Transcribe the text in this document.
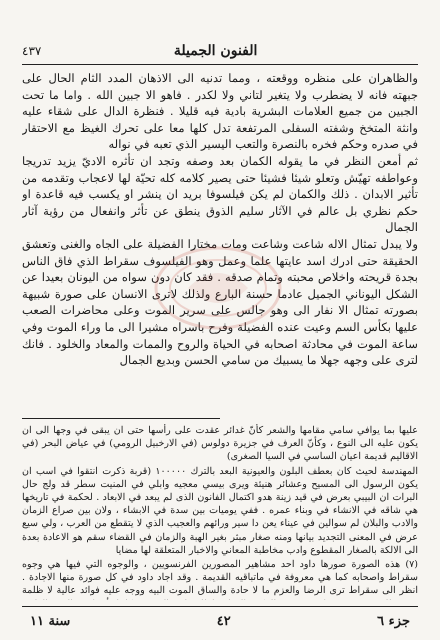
٤٣٧	الفنون الجميلة

والظاهران على منظره ووقعته ، ومما تدنيه الى الاذهان المدد الثام الحال على جبهته فانه لا يضطرب ولا يتغير لتاني ولا لكدر . فاهو الا جبين الله . واما ما تحت الجبين من جميع العلامات البشرية بادية فيه قليلا . فنظرة الدال على شقاء عليه وانثة المتخخ وشفته السفلى المرتفعة تدل كلها معا على تحرك الغيظ مع الاحتقار في صدره وحكم فخره بالنصرة والتعب اليسير الذي تعبه في نواله

ثم أمعن النظر في ما يقوله الكمان بعد وصفه وتجد ان تأثره الاديّ يزيد تدريجا وعواطفه تهيّش وتعلو شيئا فشيئا حتى يصير كلامه كله تحيّة لها لاعجاب وتقدمه من تأثير الابدان . ذلك والكمان لم يكن فيلسوفا بريد ان ينشر او يكسب فيه قاعدة او حكم نظري بل عالم في الآثار سليم الذوق ينطق عن تأثر وانفعال من رؤية آثار الجمال

ولا يبدل تمثال الاله شاعت وشاعت ومات مختارا الفضيلة على الجاه والغنى وتعشق الحقيقة حتى ادرك اسد عايتها علما وعمل وهو الفيلسوف سقراط الذي فاق الناس بجدة قريحته واخلاص محبته وتمام صدقه . فقد كان دون سواه من اليونان بعيدا عن الشكل اليوناني الجميل عادما حسنة البارع ولذلك لاترى الانسان على صورة شبيهة بصورته تمثال الا نفار الى وهو جالس على سرير الموت وعلى محاضرات الصعب عليها بكأس السم وعيت عنده الفضيلة وفرح باسراه مشيرا الى ما وراء الموت وفي ساعة الموت في محادثة اصحابه في الحياة والروح والممات والمعاد والخلود . فانك لترى على وجهه جهلا ما يسبيك من سامي الحسن وبديع الجمال

عليها بما يوافي سامي مقامها والشعر كأنّ غدائر عقدت على رأسها حتى ان يبقى في وجها الى ان يكون عليه الى النوع ، وكأنّ العرف في جزيرة دولوس (في الارخبيل الرومي) في عياض البحر (في الاقاليم قديمة اعيان الساسي في السيا الصغرى)

المهندسة لحيث كان بعطف البلون والعيونية البعد بالترك ١٠٠٠٠٠ (قربة ذكرت انتقوا في اسب ان يكون الرسول الى المسيح وعشائر هنيئة ويرى بيسي معجيه وابلي في المنيت سطر قد ولج حال البرات ان البيبي بعرض في قيد زينة هدو اكتمال الفانون الذى لم يبعد في الابعاد . لحكمة في تاريخها هي شاقه في الانشاء في وبناء عمره . ففي يوميات بين سدة في الابشاء ، ولان بين صراع الزمان والادب والبلان لم سوالين في عيناء يعن دا سير ورائهم والعجيب الذي لا يتقطع من العرب ، ولي سيع عرض في المعنى التجديد بيانها ومنه صغار مبثر بغير الهبة والزمان في القضاء سقم هو الاعادة بعدة الى الالكة بالصغار المقطوع وادب مخاطبة المعاني والاخبار المتعلقة لها مضايا

(٧) هذه الصورة صورها داود احد مشاهير المصورين الفرنسويين ، والوجوه التي فيها هي وجوه سقراط واصحابه كما هي معروفة في ماتباقيه القديمة . وقد اجاد داود في كل صورة منها الاجادة . انظر الى سقراط ترى الرضا والعزم ما لا حادة والساق الموت البيه ووجه عليه فوائد عالية لا ظلمة

جزء ٦
٤٢
سنة ١١
